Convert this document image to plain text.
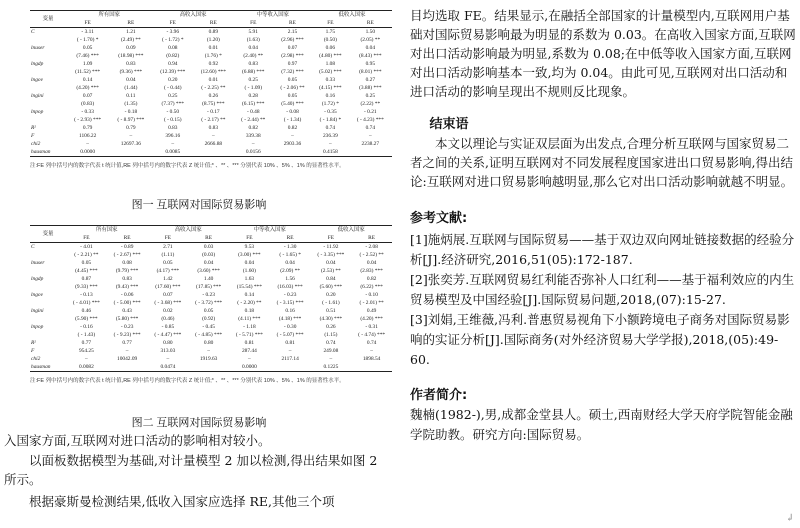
变量	所有国家		高收入国家		中等收入国家		低收入国家	
	FE	RE	FE	RE	FE	RE	FE	RE
C	- 3.11	1.21	- 3.96	0.89	5.91	2.15	1.75	1.50
	( - 1.70) *	(2.49) **	( - 1.72) *	(1.20)	(1.63)	(2.96) ***	(0.50)	(2.05) **
lnuser	0.05	0.09	0.08	0.01	0.04	0.07	0.06	0.04
	(7.46) ***	(18.98) ***	(0.82)	(1.76) *	(2.40) **	(2.98) ***	(4.80) ***	(8.43) ***
lngdp	1.09	0.83	0.94	0.92	0.83	0.97	1.08	0.95
	(11.52) ***	(9.36) ***	(12.39) ***	(12.60) ***	(6.88) ***	(7.32) ***	(5.02) ***	(8.01) ***
lngov	0.14	0.04	0.20	0.01	0.25	0.05	0.33	0.27
	(4.20) ***	(1.44)	( - 0.44)	( - 2.25) **	( - 1.09)	( - 2.06) **	(4.15) ***	(3.88) ***
lngini	0.07	0.11	0.25	0.26	0.28	0.05	0.16	0.25
	(0.83)	(1.35)	(7.37) ***	(8.75) ***	(6.15) ***	(5.40) ***	(1.72) *	(2.22) **
lnpop	- 0.33	- 0.18	- 0.50	- 0.17	- 0.48	- 0.08	- 0.35	- 0.21
	( - 2.93) ***	( - 8.97) ***	( - 0.15)	( - 2.17) **	( - 2.44) **	( - 1.34)	( - 1.84) *	( - 4.23) ***
R²	0.79	0.79	0.83	0.83	0.82	0.82	0.74	0.74
F	1106.22	–	396.16	–	339.38	–	236.39	–
chi2	–	12697.36	–	2666.88	–	2903.36	–	2238.27
hausman	0.0000		0.0085		0.0156		0.4158	
注:FE 列中括号内的数字代表 t 统计值,RE 列中括号内的数字代表 Z 统计值;* 、** 、*** 分别代表 10% 、5% 、1% 的显著性水平。
图一 互联网对国际贸易影响
变量	所有国家		高收入国家		中等收入国家		低收入国家	
	FE	RE	FE	RE	FE	RE	FE	RE
C	- 4.01	- 0.89	2.71	0.03	9.53	- 1.30	- 11.92	- 2.08
	( - 2.21) **	( - 2.67) ***	(1.11)	(0.03)	(3.00) ***	( - 1.65) *	( - 3.35) ***	( - 2.52) **
lnuser	0.05	0.08	0.05	0.04	0.04	0.04	0.04	0.04
	(4.45) ***	(9.79) ***	(4.17) ***	(3.60) ***	(1.60)	(2.09) **	(2.53) **	(2.83) ***
lngdp	0.87	0.83	1.42	1.40	1.63	1.56	0.84	0.82
	(9.33) ***	(9.43) ***	(17.60) ***	(17.85) ***	(15.54) ***	(16.03) ***	(5.60) ***	(6.22) ***
lngov	- 0.13	- 0.06	0.07	- 0.23	0.14	- 0.23	0.20	- 0.10
	( - 4.01) ***	( - 5.00) ***	( - 3.68) ***	( - 3.72) ***	( - 2.20) **	( - 3.15) ***	( - 1.61)	( - 2.01) **
lngini	0.46	0.43	0.02	0.05	0.18	0.16	0.51	0.49
	(5.90) ***	(5.80) ***	(0.46)	(0.92)	(4.11) ***	(4.18) ***	(4.30) ***	(4.20) ***
lnpop	- 0.16	- 0.23	- 0.85	- 0.45	- 1.18	- 0.30	0.26	- 0.31
	( - 1.43)	( - 9.23) ***	( - 4.47) ***	( - 4.85) ***	( - 5.71) ***	( - 5.07) ***	(1.15)	( - 4.74) ***
R²	0.77	0.77	0.80	0.80	0.81	0.81	0.74	0.74
F	954.25	–	313.03	–	287.44	–	249.08	–
chi2	–	10042.09	–	1919.63	–	2117.14	–	1898.54
hausman	0.0082		0.0474		0.0000		0.1225	
注:FE 列中括号内的数字代表 t 统计值,RE 列中括号内的数字代表 Z 统计值;* 、** 、*** 分别代表 10% 、5% 、1% 的显著性水平。
图二 互联网对国际贸易影响

入国家方面,互联网对进口活动的影响相对较小。

以面板数据模型为基础,对计量模型 2 加以检测,得出结果如图 2 所示。

根据豪斯曼检测结果,低收入国家应选择 RE,其他三个项

目均选取 FE。结果显示,在融括全部国家的计量模型内,互联网用户基础对国际贸易影响最为明显的系数为 0.03。在高收入国家方面,互联网对出口活动影响最为明显,系数为 0.08;在中低等收入国家方面,互联网对出口活动影响基本一致,均为 0.04。由此可见,互联网对出口活动和进口活动的影响呈现出不规则反比现象。

结束语

本文以理论与实证双层面为出发点,合理分析互联网与国家贸易二者之间的关系,证明互联网对不同发展程度国家进出口贸易影响,得出结论:互联网对进口贸易影响越明显,那么它对出口活动影响就越不明显。

参考文献:

[1]施炳展.互联网与国际贸易——基于双边双向网址链接数据的经验分析[J].经济研究,2016,51(05):172-187.

[2]张奕芳.互联网贸易红利能否弥补人口红利——基于福利效应的内生贸易模型及中国经验[J].国际贸易问题,2018,(07):15-27.

[3]刘娟,王维薇,冯利.普惠贸易视角下小额跨境电子商务对国际贸易影响的实证分析[J].国际商务(对外经济贸易大学学报),2018,(05):49-60.

作者简介:

魏楠(1982-),男,成都金堂县人。硕士,西南财经大学天府学院智能金融学院助教。研究方向:国际贸易。

↲
